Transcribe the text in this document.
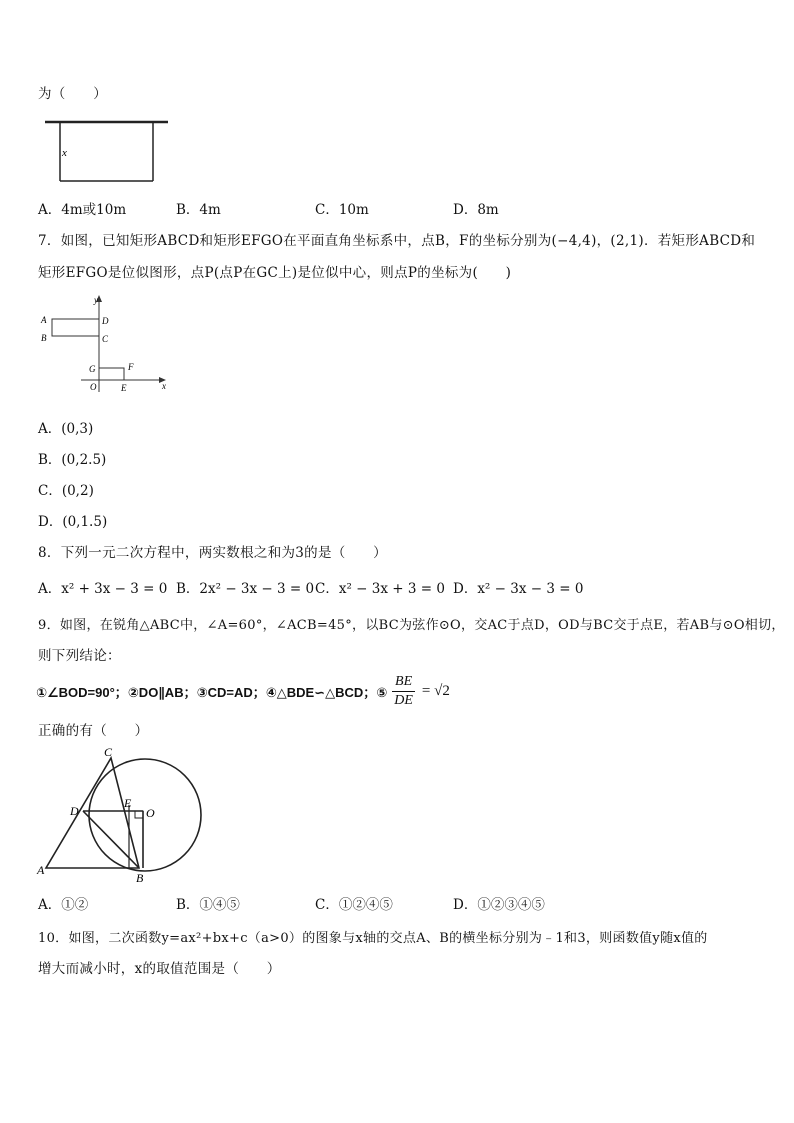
为（　　）
x
A．4m或10m	B．4m	C．10m	D．8m
7．如图，已知矩形ABCD和矩形EFGO在平面直角坐标系中，点B，F的坐标分别为(−4,4)，(2,1)．若矩形ABCD和
矩形EFGO是位似图形，点P(点P在GC上)是位似中心，则点P的坐标为(　　)
y
x
A
B
D
C
G	F
O	E
A．(0,3)
B．(0,2.5)
C．(0,2)
D．(0,1.5)
8．下列一元二次方程中，两实数根之和为3的是（　　）
A．x² + 3x − 3 = 0 B．2x² − 3x − 3 = 0 C．x² − 3x + 3 = 0 D．x² − 3x − 3 = 0
9．如图，在锐角△ABC中，∠A=60°，∠ACB=45°，以BC为弦作⊙O，交AC于点D，OD与BC交于点E，若AB与⊙O相切，
则下列结论：
①∠BOD=90°；②DO∥AB；③CD=AD；④△BDE∽△BCD；⑤ $\frac{BE}{DE} = √2$
正确的有（　　）
C
D
E
O
A
B
A．①②	B．①④⑤	C．①②④⑤	D．①②③④⑤
10．如图，二次函数y=ax²+bx+c（a>0）的图象与x轴的交点A、B的横坐标分别为﹣1和3，则函数值y随x值的
增大而减小时，x的取值范围是（　　）
